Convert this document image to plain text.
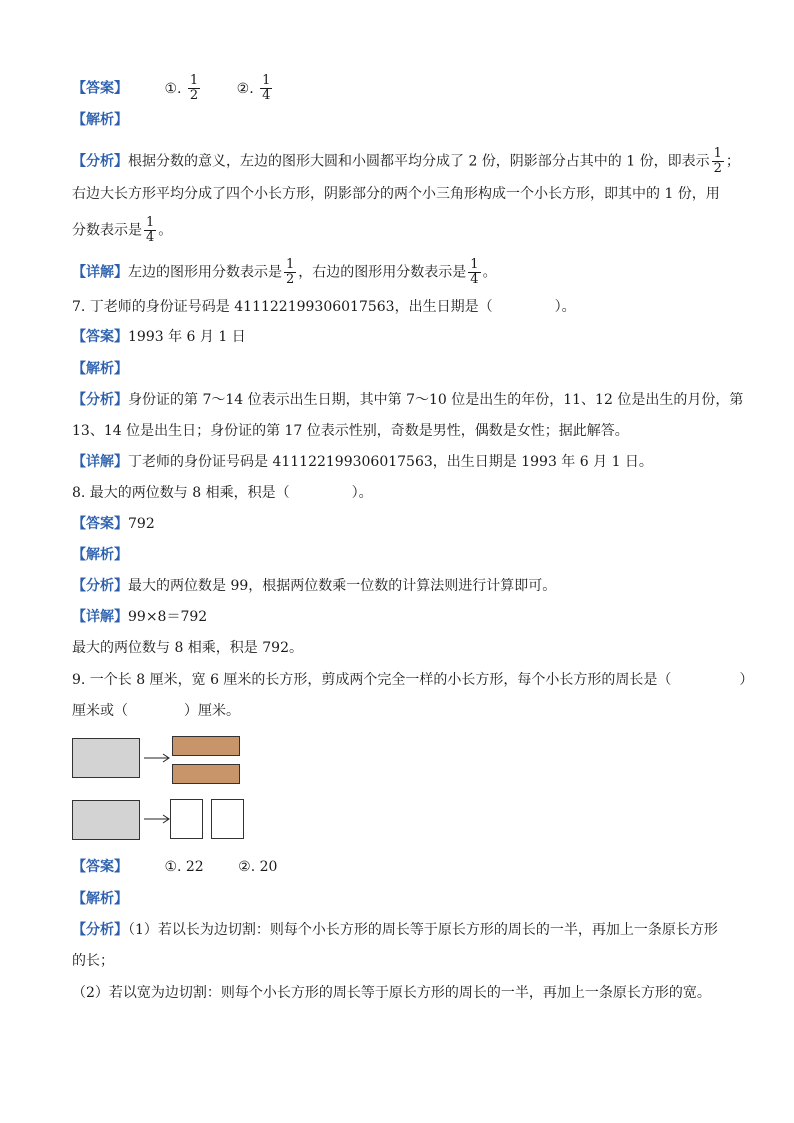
【答案】	①. $\frac{1}{2}$	②. $\frac{1}{4}$
【解析】
【分析】根据分数的意义，左边的图形大圆和小圆都平均分成了 2 份，阴影部分占其中的 1 份，即表示 $\frac{1}{2}$ ；
右边大长方形平均分成了四个小长方形，阴影部分的两个小三角形构成一个小长方形，即其中的 1 份，用
分数表示是 $\frac{1}{4}$ 。
【详解】左边的图形用分数表示是 $\frac{1}{2}$ ，右边的图形用分数表示是 $\frac{1}{4}$ 。
7. 丁老师的身份证号码是 411122199306017563，出生日期是（	）。
【答案】1993 年 6 月 1 日
【解析】
【分析】身份证的第 7～14 位表示出生日期，其中第 7～10 位是出生的年份，11、12 位是出生的月份，第
13、14 位是出生日；身份证的第 17 位表示性别，奇数是男性，偶数是女性；据此解答。
【详解】丁老师的身份证号码是 411122199306017563，出生日期是 1993 年 6 月 1 日。
8. 最大的两位数与 8 相乘，积是（	）。
【答案】792
【解析】
【分析】最大的两位数是 99，根据两位数乘一位数的计算法则进行计算即可。
【详解】99×8＝792
最大的两位数与 8 相乘，积是 792。
9. 一个长 8 厘米，宽 6 厘米的长方形，剪成两个完全一样的小长方形，每个小长方形的周长是（	）
厘米或（	）厘米。
【答案】	①. 22 ②. 20
【解析】
【分析】（1）若以长为边切割：则每个小长方形的周长等于原长方形的周长的一半，再加上一条原长方形
的长；
（2）若以宽为边切割：则每个小长方形的周长等于原长方形的周长的一半，再加上一条原长方形的宽。
